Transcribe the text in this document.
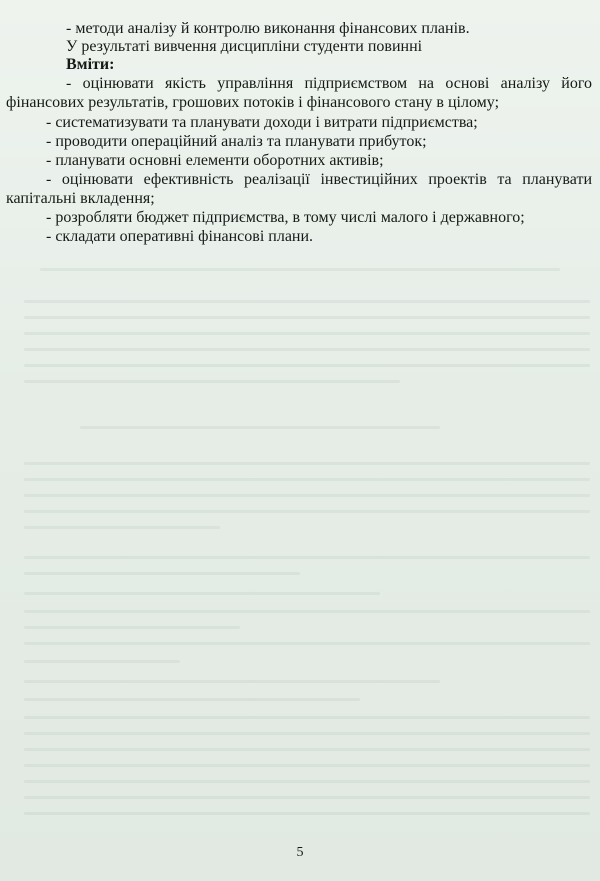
- методи аналізу й контролю виконання фінансових планів.
У результаті вивчення дисципліни студенти повинні
Вміти:
- оцінювати якість управління підприємством на основі аналізу його
фінансових результатів, грошових потоків і фінансового стану в цілому;
- систематизувати та планувати доходи і витрати підприємства;
- проводити операційний аналіз та планувати прибуток;
- планувати основні елементи оборотних активів;
- оцінювати ефективність реалізації інвестиційних проектів та планувати
капітальні вкладення;
- розробляти бюджет підприємства, в тому числі малого і державного;
- складати оперативні фінансові плани.
5
